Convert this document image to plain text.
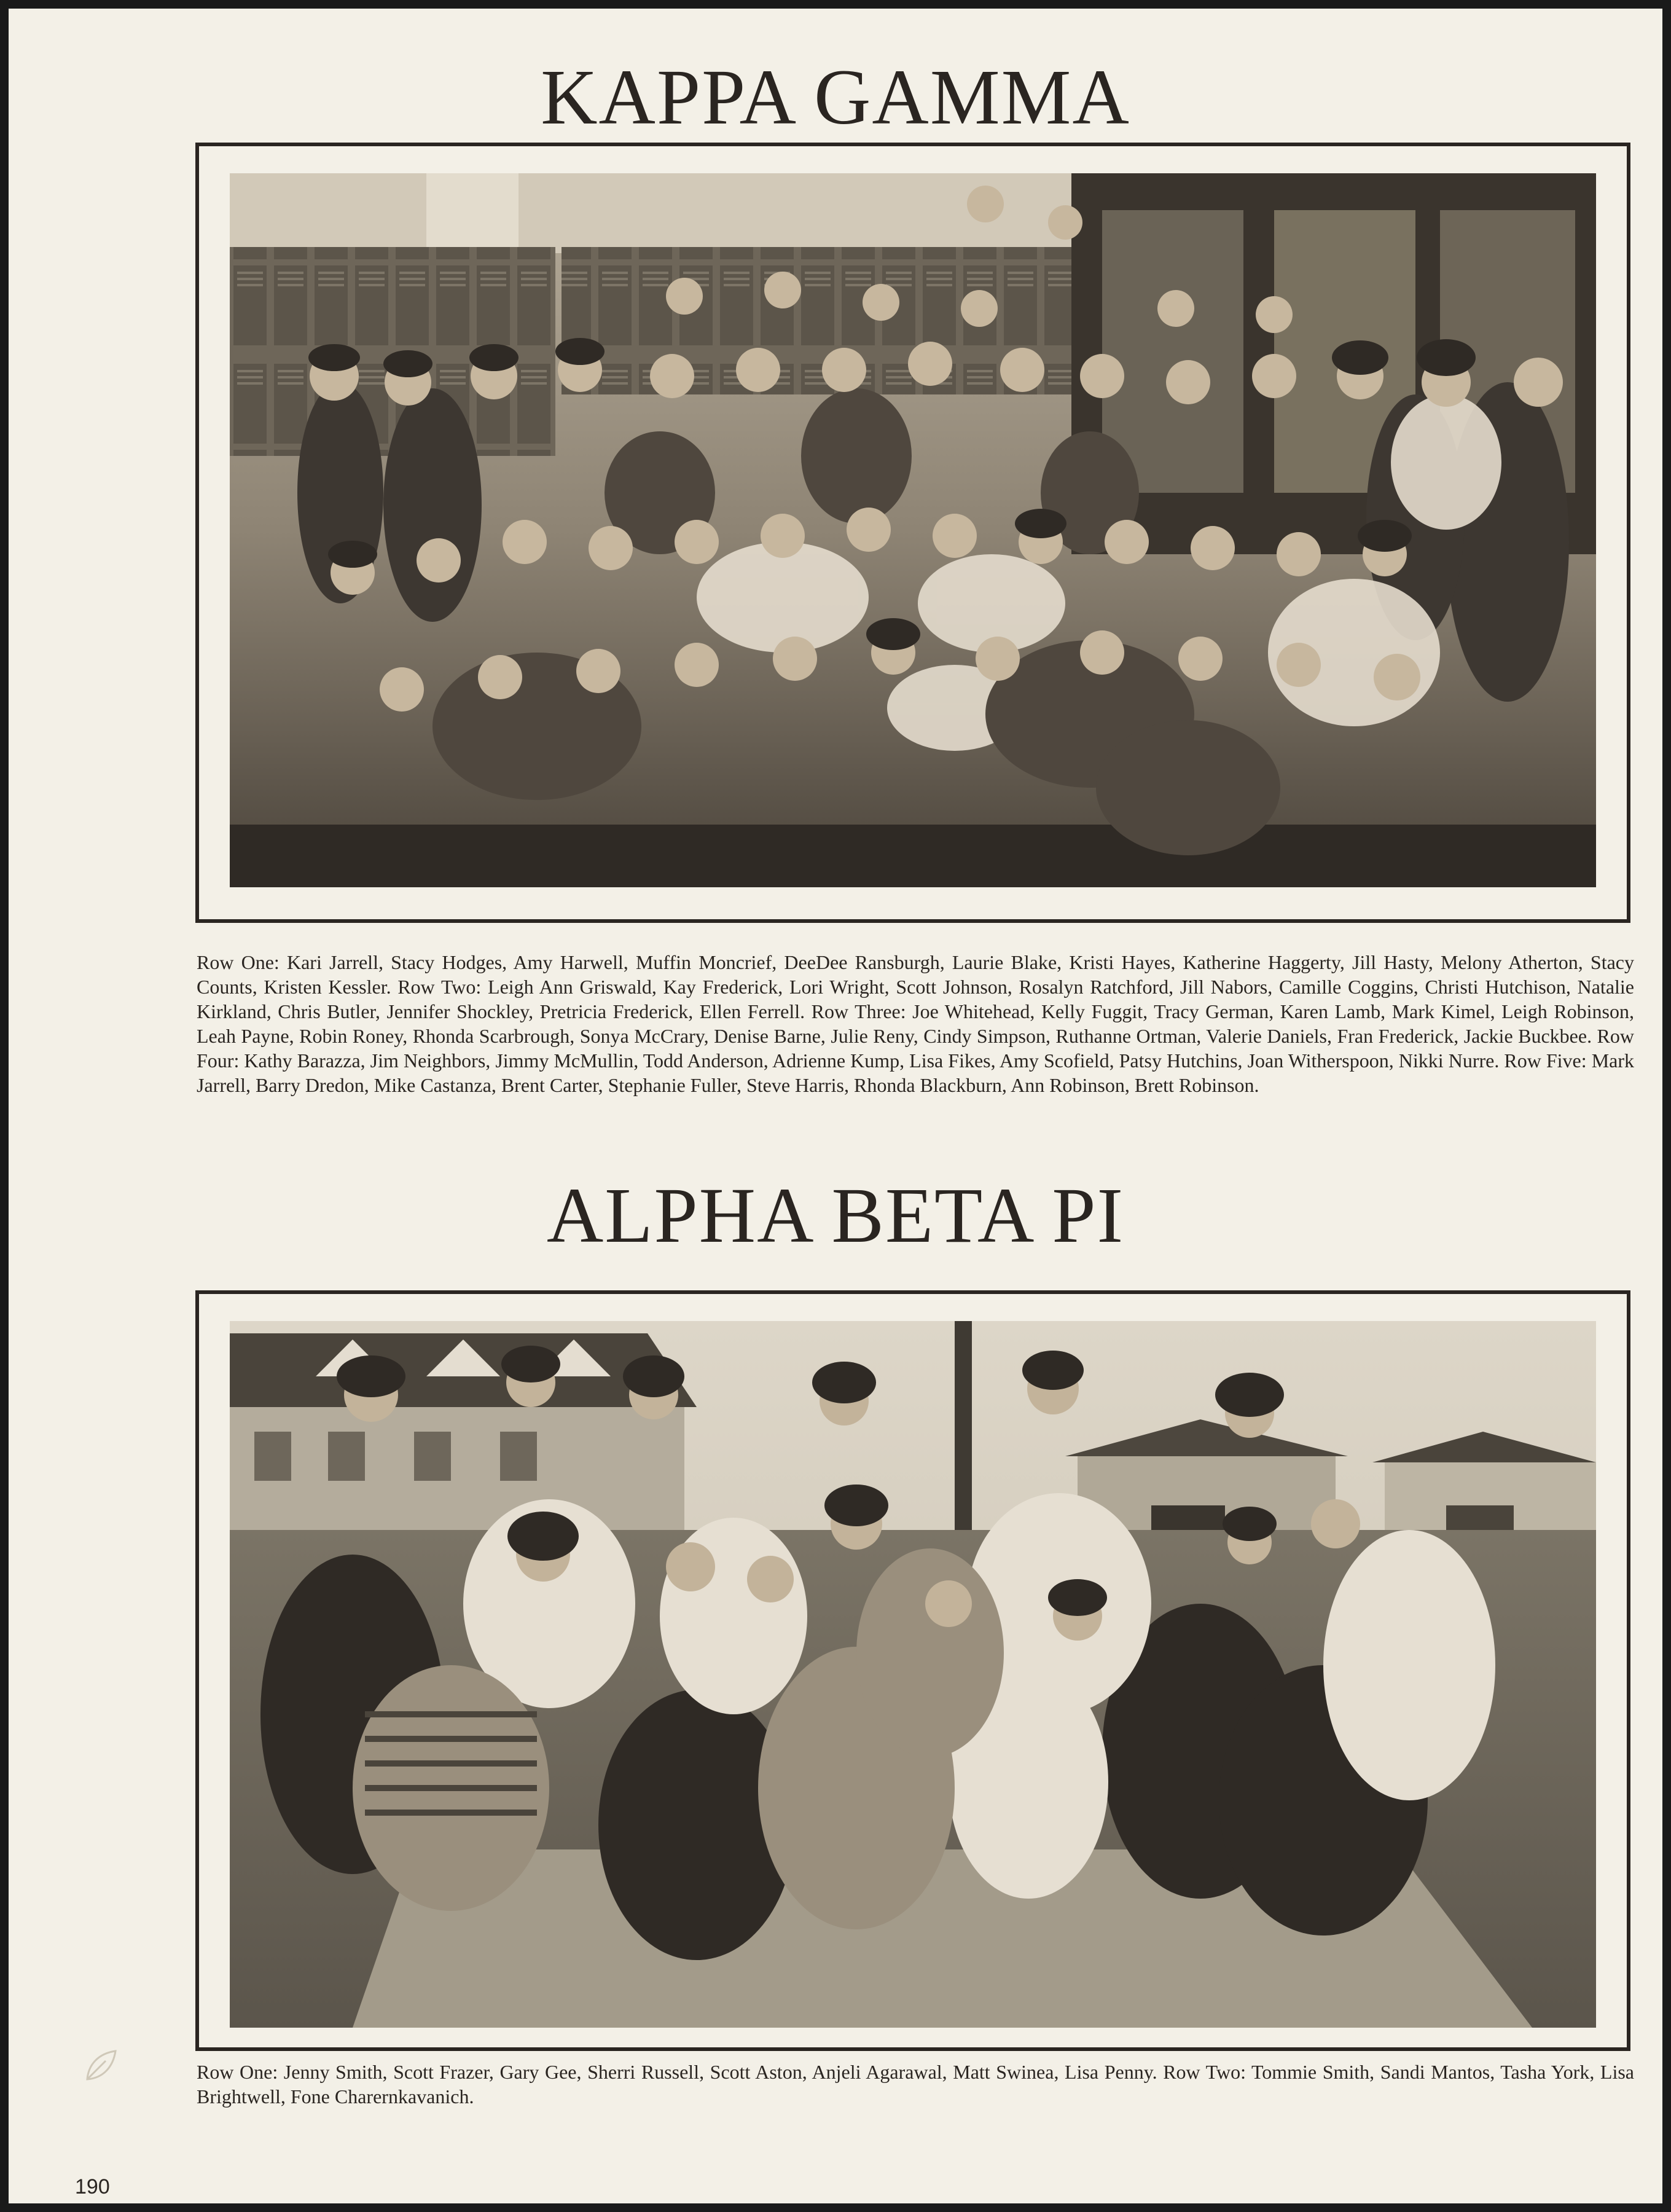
KAPPA GAMMA

Row One: Kari Jarrell, Stacy Hodges, Amy Harwell, Muffin Moncrief, DeeDee Ransburgh, Laurie Blake, Kristi Hayes, Katherine Haggerty, Jill Hasty, Melony Atherton, Stacy Counts, Kristen Kessler. Row Two: Leigh Ann Griswald, Kay Frederick, Lori Wright, Scott Johnson, Rosalyn Ratchford, Jill Nabors, Camille Coggins, Christi Hutchison, Natalie Kirkland, Chris Butler, Jennifer Shockley, Pretricia Frederick, Ellen Ferrell. Row Three: Joe Whitehead, Kelly Fuggit, Tracy German, Karen Lamb, Mark Kimel, Leigh Robinson, Leah Payne, Robin Roney, Rhonda Scarbrough, Sonya McCrary, Denise Barne, Julie Reny, Cindy Simpson, Ruthanne Ortman, Valerie Daniels, Fran Frederick, Jackie Buckbee. Row Four: Kathy Barazza, Jim Neighbors, Jimmy McMullin, Todd Anderson, Adrienne Kump, Lisa Fikes, Amy Scofield, Patsy Hutchins, Joan Witherspoon, Nikki Nurre. Row Five: Mark Jarrell, Barry Dredon, Mike Castanza, Brent Carter, Stephanie Fuller, Steve Harris, Rhonda Blackburn, Ann Robinson, Brett Robinson.

ALPHA BETA PI

Row One: Jenny Smith, Scott Frazer, Gary Gee, Sherri Russell, Scott Aston, Anjeli Agarawal, Matt Swinea, Lisa Penny. Row Two: Tommie Smith, Sandi Mantos, Tasha York, Lisa Brightwell, Fone Charernkavanich.

190
